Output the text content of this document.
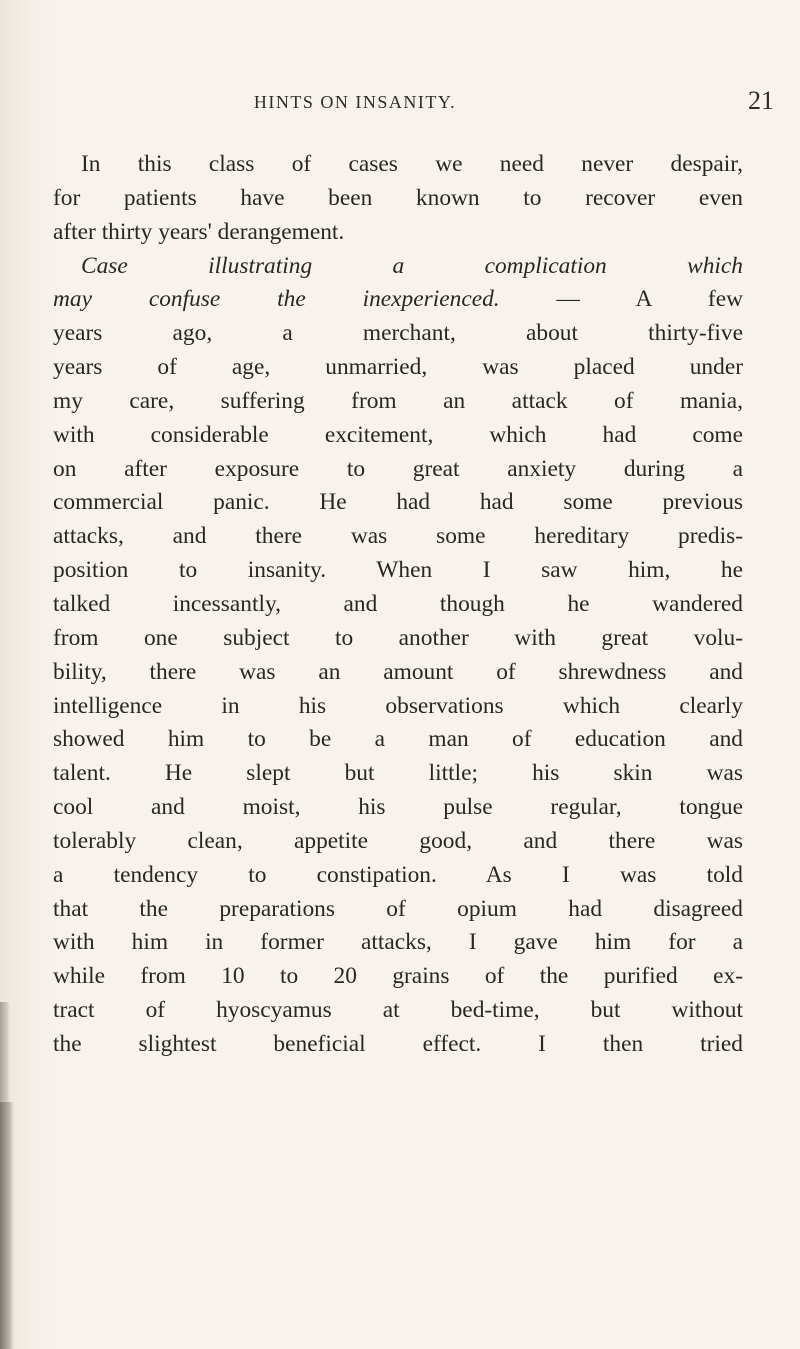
HINTS ON INSANITY.	21
In this class of cases we need never despair,
for patients have been known to recover even
after thirty years' derangement.
Case illustrating a complication which
may confuse the inexperienced. — A few
years ago, a merchant, about thirty-five
years of age, unmarried, was placed under
my care, suffering from an attack of mania,
with considerable excitement, which had come
on after exposure to great anxiety during a
commercial panic. He had had some previous
attacks, and there was some hereditary predis-
position to insanity. When I saw him, he
talked incessantly, and though he wandered
from one subject to another with great volu-
bility, there was an amount of shrewdness and
intelligence in his observations which clearly
showed him to be a man of education and
talent. He slept but little; his skin was
cool and moist, his pulse regular, tongue
tolerably clean, appetite good, and there was
a tendency to constipation. As I was told
that the preparations of opium had disagreed
with him in former attacks, I gave him for a
while from 10 to 20 grains of the purified ex-
tract of hyoscyamus at bed-time, but without
the slightest beneficial effect. I then tried
